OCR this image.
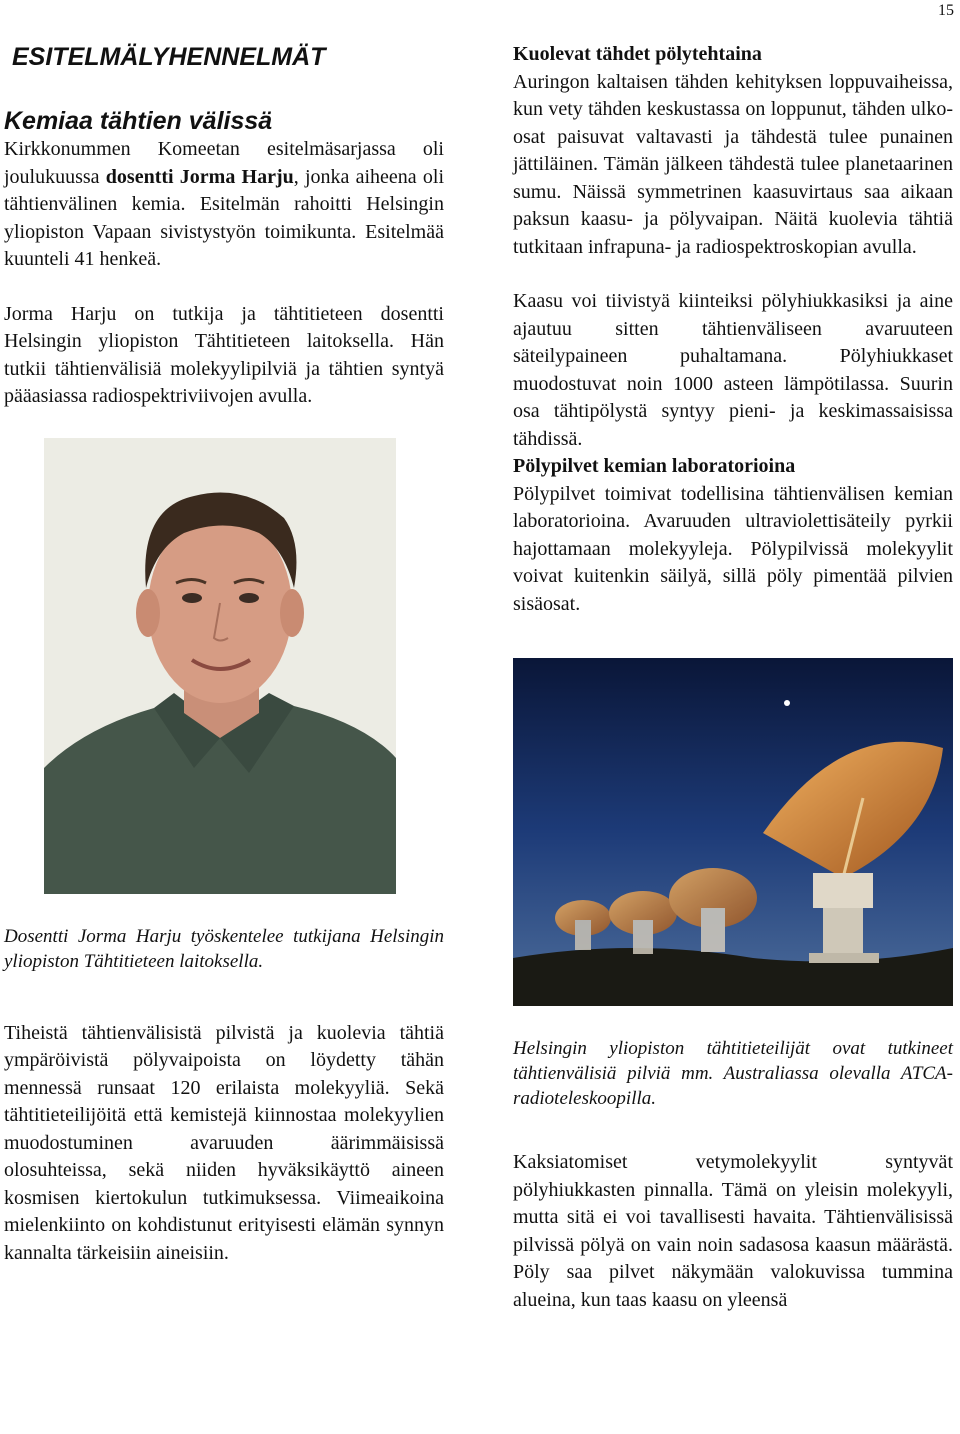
15
ESITELMÄLYHENNELMÄT
Kemiaa tähtien välissä

Kirkkonummen Komeetan esitelmäsarjassa oli joulukuussa dosentti Jorma Harju, jonka aiheena oli tähtienvälinen kemia. Esitelmän rahoitti Helsingin yliopiston Vapaan sivistystyön toimikunta. Esitelmää kuunteli 41 henkeä.

Jorma Harju on tutkija ja tähtitieteen dosentti Helsingin yliopiston Tähtitieteen laitoksella. Hän tutkii tähtienvälisiä molekyylipilviä ja tähtien syntyä pääasiassa radiospektriviivojen avulla.

Dosentti Jorma Harju työskentelee tutkijana Helsingin yliopiston Tähtitieteen laitoksella.

Tiheistä tähtienvälisistä pilvistä ja kuolevia tähtiä ympäröivistä pölyvaipoista on löydetty tähän mennessä runsaat 120 erilaista molekyyliä. Sekä tähtitieteilijöitä että kemistejä kiinnostaa molekyylien muodostuminen avaruuden äärimmäisissä olosuhteissa, sekä niiden hyväksikäyttö aineen kosmisen kiertokulun tutkimuksessa. Viimeaikoina mielenkiinto on kohdistunut erityisesti elämän synnyn kannalta tärkeisiin aineisiin.

Kuolevat tähdet pölytehtaina

Auringon kaltaisen tähden kehityksen loppuvaiheissa, kun vety tähden keskustassa on loppunut, tähden ulko-osat paisuvat valtavasti ja tähdestä tulee punainen jättiläinen. Tämän jälkeen tähdestä tulee planetaarinen sumu. Näissä symmetrinen kaasuvirtaus saa aikaan paksun kaasu- ja pölyvaipan. Näitä kuolevia tähtiä tutkitaan infrapuna- ja radiospektroskopian avulla.

Kaasu voi tiivistyä kiinteiksi pölyhiukkasiksi ja aine ajautuu sitten tähtienväliseen avaruuteen säteilypaineen puhaltamana. Pölyhiukkaset muodostuvat noin 1000 asteen lämpötilassa. Suurin osa tähtipölystä syntyy pieni- ja keskimassaisissa tähdissä.

Pölypilvet kemian laboratorioina

Pölypilvet toimivat todellisina tähtienvälisen kemian laboratorioina. Avaruuden ultraviolettisäteily pyrkii hajottamaan molekyyleja. Pölypilvissä molekyylit voivat kuitenkin säilyä, sillä pöly pimentää pilvien sisäosat.

Helsingin yliopiston tähtitieteilijät ovat tutkineet tähtienvälisiä pilviä mm. Australiassa olevalla ATCA-radioteleskoopilla.

Kaksiatomiset vetymolekyylit syntyvät pölyhiukkasten pinnalla. Tämä on yleisin molekyyli, mutta sitä ei voi tavallisesti havaita. Tähtienvälisissä pilvissä pölyä on vain noin sadasosa kaasun määrästä. Pöly saa pilvet näkymään valokuvissa tummina alueina, kun taas kaasu on yleensä
